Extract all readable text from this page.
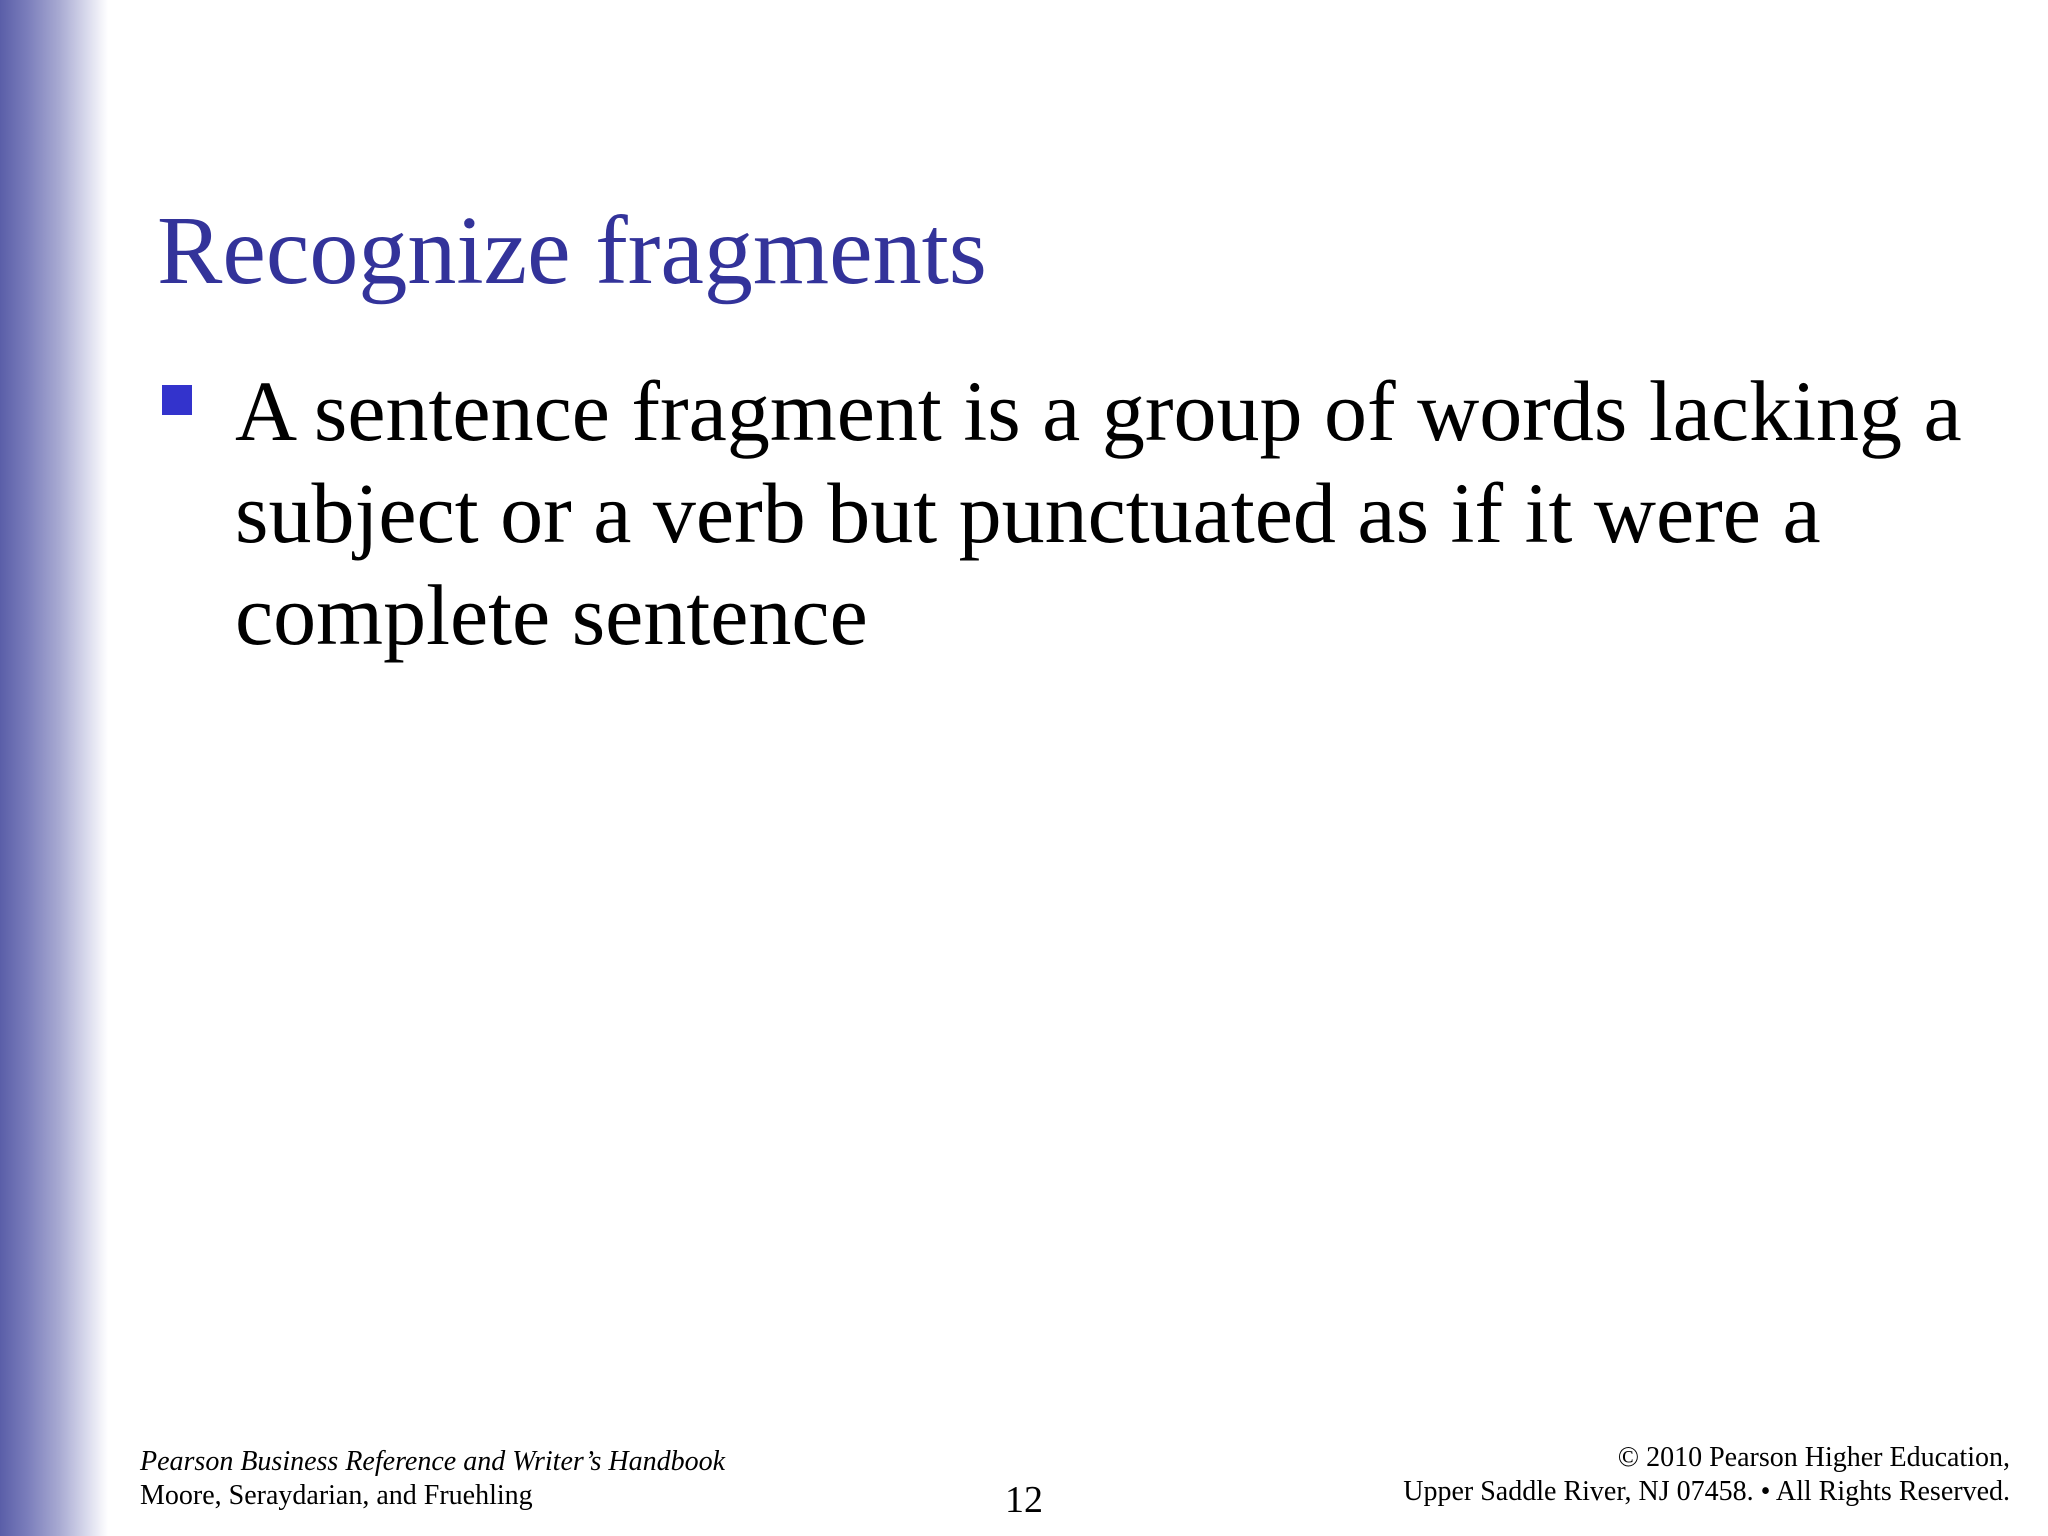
Recognize fragments
A sentence fragment is a group of words lacking a subject or a verb but punctuated as if it were a complete sentence
Pearson Business Reference and Writer’s Handbook
Moore, Seraydarian, and Fruehling	12
© 2010 Pearson Higher Education,
Upper Saddle River, NJ 07458. • All Rights Reserved.
